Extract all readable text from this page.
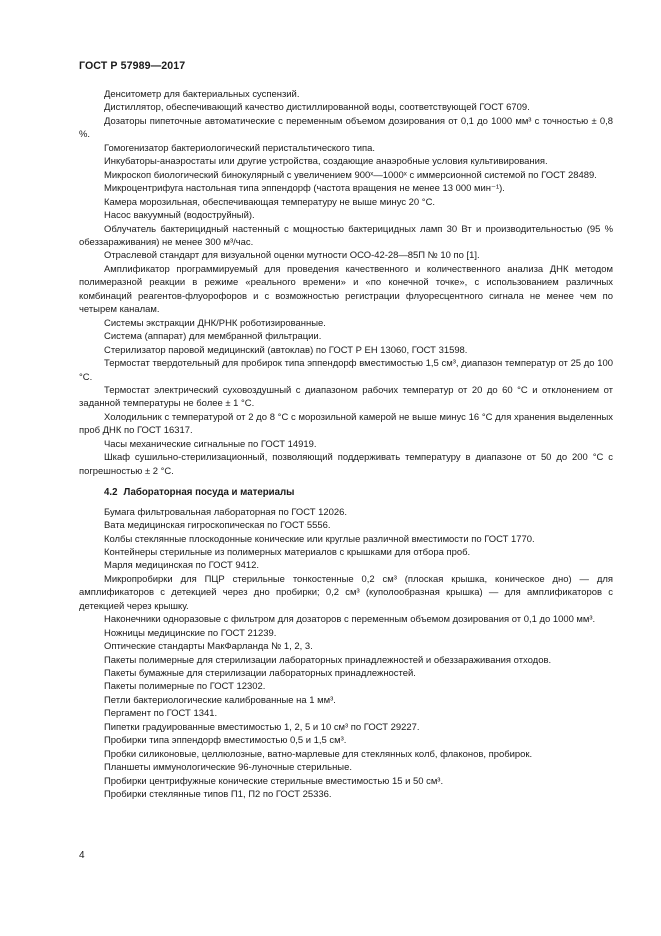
ГОСТ Р 57989—2017

Денситометр для бактериальных суспензий.

Дистиллятор, обеспечивающий качество дистиллированной воды, соответствующей ГОСТ 6709.

Дозаторы пипеточные автоматические с переменным объемом дозирования от 0,1 до 1000 мм³ с точностью ± 0,8 %.

Гомогенизатор бактериологический перистальтического типа.

Инкубаторы-анаэростаты или другие устройства, создающие анаэробные условия культивирования.

Микроскоп биологический бинокулярный с увеличением 900ˣ—1000ˣ с иммерсионной системой по ГОСТ 28489.

Микроцентрифуга настольная типа эппендорф (частота вращения не менее 13 000 мин⁻¹).

Камера морозильная, обеспечивающая температуру не выше минус 20 °С.

Насос вакуумный (водоструйный).

Облучатель бактерицидный настенный с мощностью бактерицидных ламп 30 Вт и производительностью (95 % обеззараживания) не менее 300 м³/час.

Отраслевой стандарт для визуальной оценки мутности ОСО-42-28—85П № 10 по [1].

Амплификатор программируемый для проведения качественного и количественного анализа ДНК методом полимеразной реакции в режиме «реального времени» и «по конечной точке», с использованием различных комбинаций реагентов-флуорофоров и с возможностью регистрации флуоресцентного сигнала не менее чем по четырем каналам.

Системы экстракции ДНК/РНК роботизированные.

Система (аппарат) для мембранной фильтрации.

Стерилизатор паровой медицинский (автоклав) по ГОСТ Р ЕН 13060, ГОСТ 31598.

Термостат твердотельный для пробирок типа эппендорф вместимостью 1,5 см³, диапазон температур от 25 до 100 °С.

Термостат электрический суховоздушный с диапазоном рабочих температур от 20 до 60 °С и отклонением от заданной температуры не более ± 1 °С.

Холодильник с температурой от 2 до 8 °С с морозильной камерой не выше минус 16 °С для хранения выделенных проб ДНК по ГОСТ 16317.

Часы механические сигнальные по ГОСТ 14919.

Шкаф сушильно-стерилизационный, позволяющий поддерживать температуру в диапазоне от 50 до 200 °С с погрешностью ± 2 °С.

4.2 Лабораторная посуда и материалы

Бумага фильтровальная лабораторная по ГОСТ 12026.

Вата медицинская гигроскопическая по ГОСТ 5556.

Колбы стеклянные плоскодонные конические или круглые различной вместимости по ГОСТ 1770.

Контейнеры стерильные из полимерных материалов с крышками для отбора проб.

Марля медицинская по ГОСТ 9412.

Микропробирки для ПЦР стерильные тонкостенные 0,2 см³ (плоская крышка, коническое дно) — для амплификаторов с детекцией через дно пробирки; 0,2 см³ (куполообразная крышка) — для амплификаторов с детекцией через крышку.

Наконечники одноразовые с фильтром для дозаторов с переменным объемом дозирования от 0,1 до 1000 мм³.

Ножницы медицинские по ГОСТ 21239.

Оптические стандарты МакФарланда № 1, 2, 3.

Пакеты полимерные для стерилизации лабораторных принадлежностей и обеззараживания отходов.

Пакеты бумажные для стерилизации лабораторных принадлежностей.

Пакеты полимерные по ГОСТ 12302.

Петли бактериологические калиброванные на 1 мм³.

Пергамент по ГОСТ 1341.

Пипетки градуированные вместимостью 1, 2, 5 и 10 см³ по ГОСТ 29227.

Пробирки типа эппендорф вместимостью 0,5 и 1,5 см³.

Пробки силиконовые, целлюлозные, ватно-марлевые для стеклянных колб, флаконов, пробирок.

Планшеты иммунологические 96-луночные стерильные.

Пробирки центрифужные конические стерильные вместимостью 15 и 50 см³.

Пробирки стеклянные типов П1, П2 по ГОСТ 25336.

4
